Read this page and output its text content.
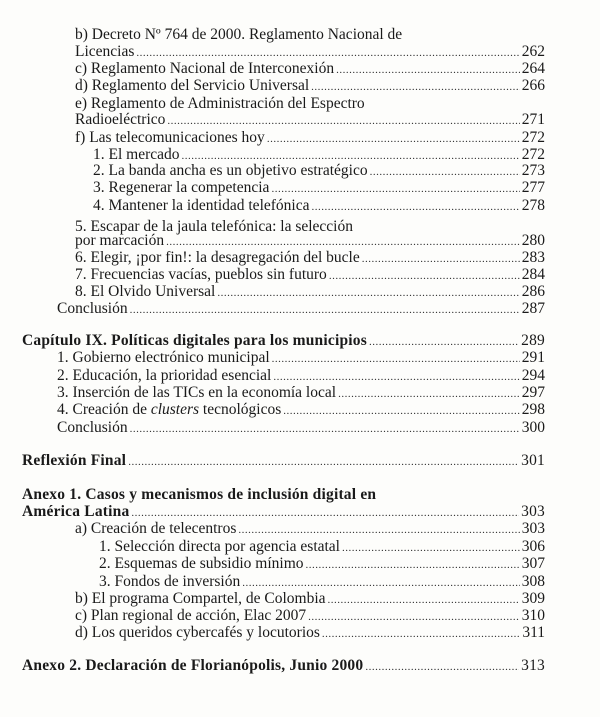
b) Decreto Nº 764 de 2000. Reglamento Nacional de
Licencias .....	262
c) Reglamento Nacional de Interconexión .....	264
d) Reglamento del Servicio Universal .....	266
e) Reglamento de Administración del Espectro
Radioeléctrico .....	271
f) Las telecomunicaciones hoy .....	272
1. El mercado .....	272
2. La banda ancha es un objetivo estratégico .....	273
3. Regenerar la competencia .....	277
4. Mantener la identidad telefónica .....	278
5. Escapar de la jaula telefónica: la selección
por marcación .....	280
6. Elegir, ¡por fin!: la desagregación del bucle .....	283
7. Frecuencias vacías, pueblos sin futuro .....	284
8. El Olvido Universal .....	286
Conclusión .....	287
Capítulo IX. Políticas digitales para los municipios .....	289
1. Gobierno electrónico municipal .....	291
2. Educación, la prioridad esencial .....	294
3. Inserción de las TICs en la economía local .....	297
4. Creación de clusters tecnológicos .....	298
Conclusión .....	300
Reflexión Final .....	301
Anexo 1. Casos y mecanismos de inclusión digital en
América Latina .....	303
a) Creación de telecentros .....	303
1. Selección directa por agencia estatal .....	306
2. Esquemas de subsidio mínimo .....	307
3. Fondos de inversión .....	308
b) El programa Compartel, de Colombia .....	309
c) Plan regional de acción, Elac 2007 .....	310
d) Los queridos cybercafés y locutorios .....	311
Anexo 2. Declaración de Florianópolis, Junio 2000 .....	313
